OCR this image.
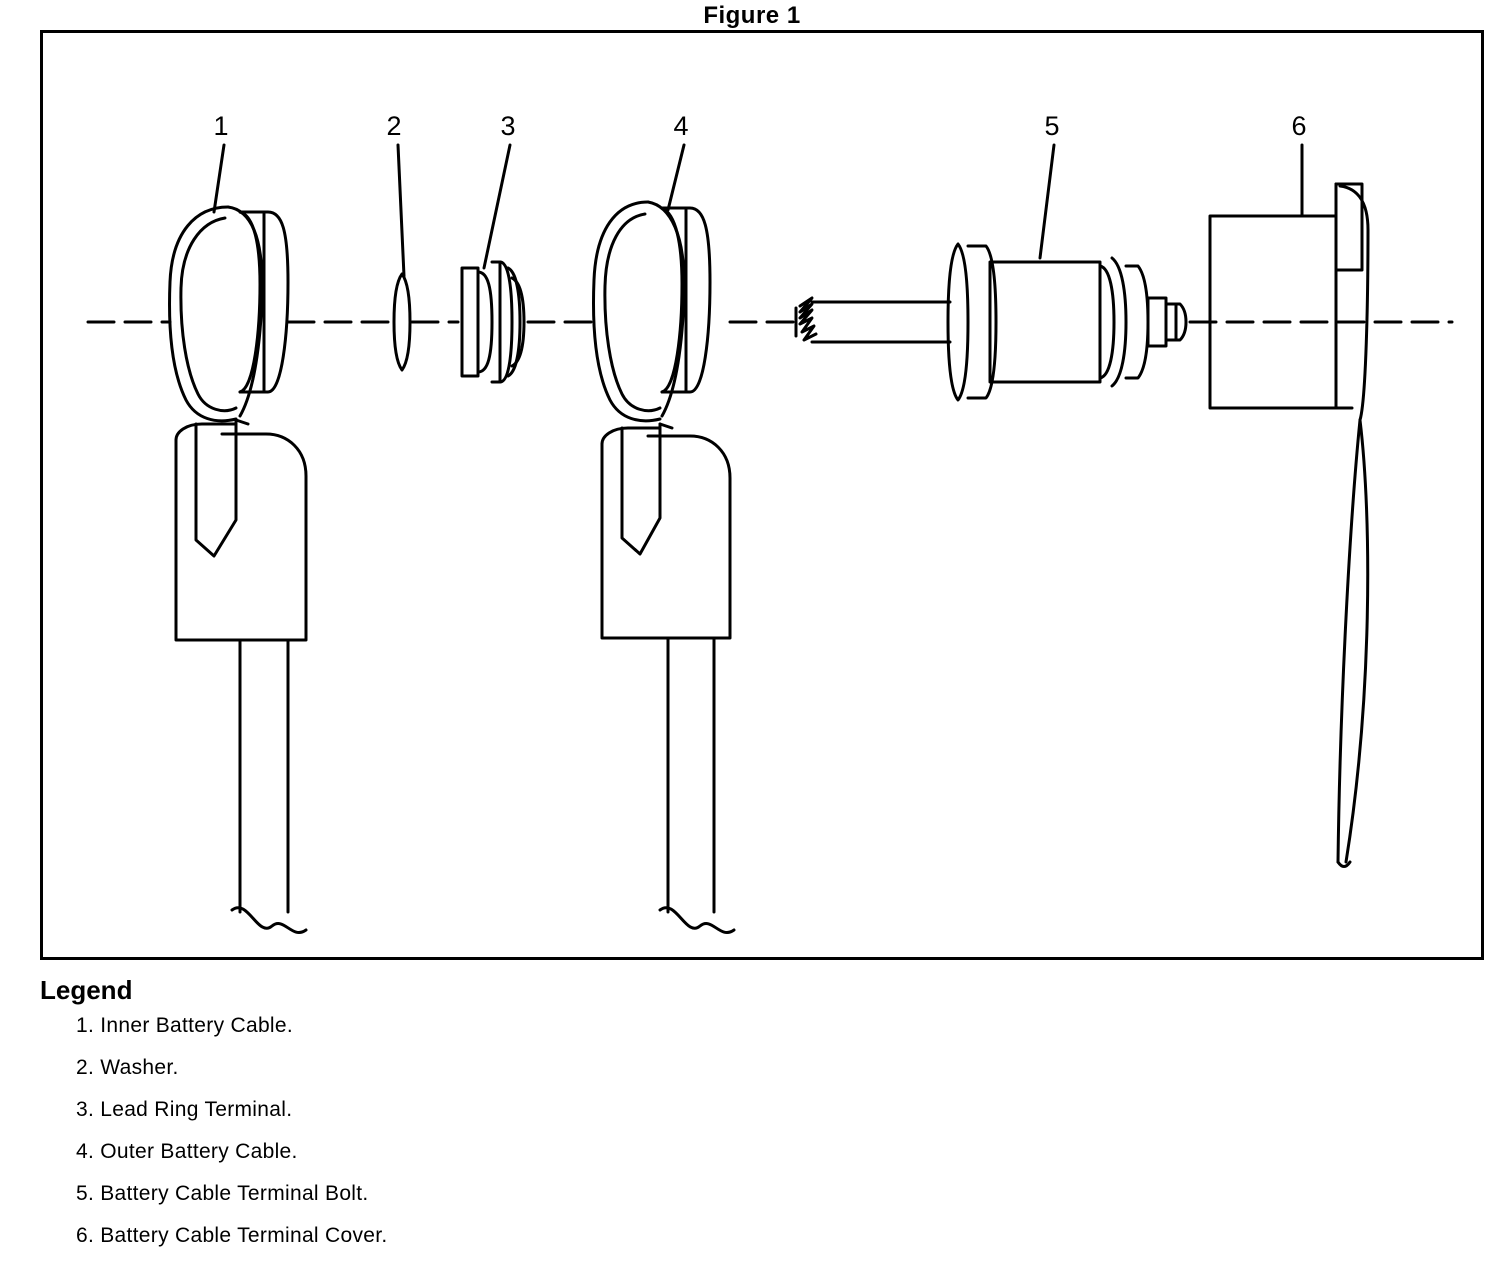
Figure 1
1	2	3	4	5	6
Legend
1. Inner Battery Cable.
2. Washer.
3. Lead Ring Terminal.
4. Outer Battery Cable.
5. Battery Cable Terminal Bolt.
6. Battery Cable Terminal Cover.
